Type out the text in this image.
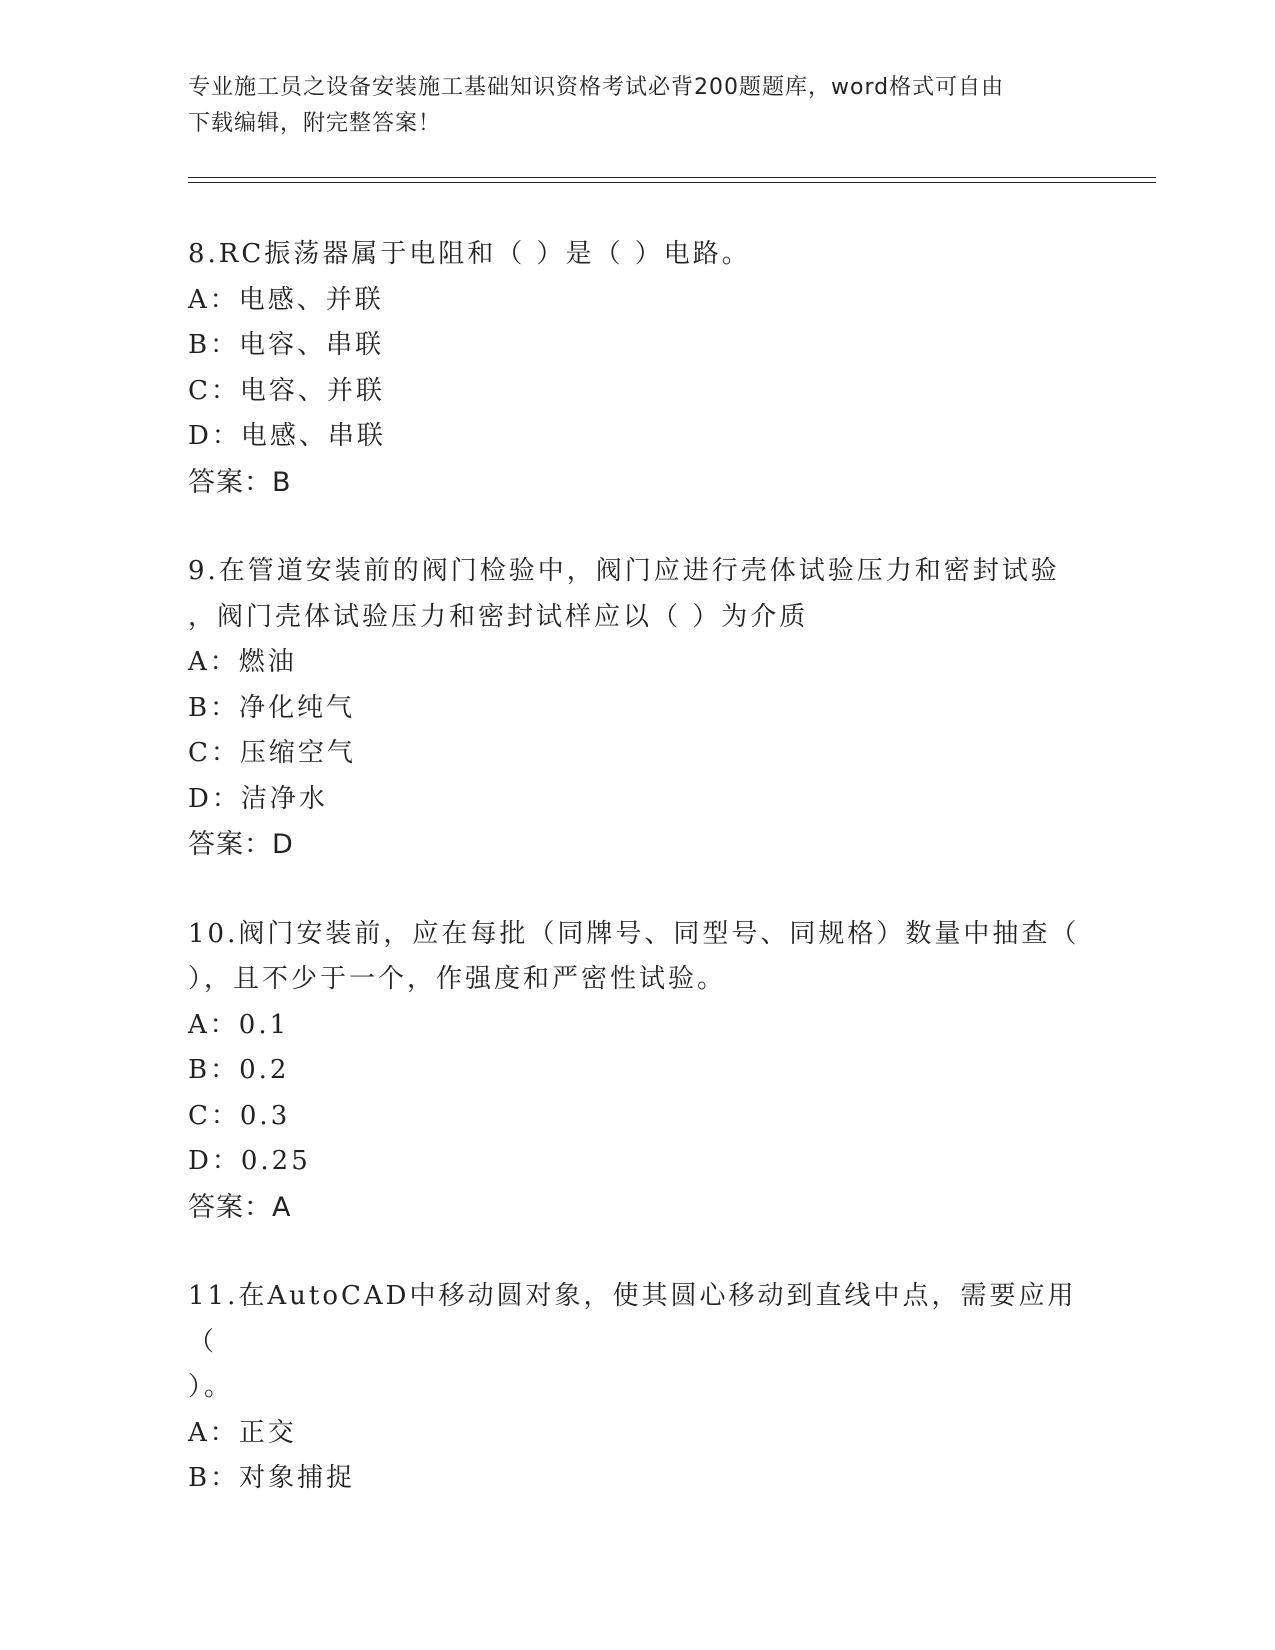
专业施工员之设备安装施工基础知识资格考试必背200题题库，word格式可自由
下载编辑，附完整答案！
8.RC振荡器属于电阻和（ ）是（ ）电路。
A：电感、并联
B：电容、串联
C：电容、并联
D：电感、串联
答案：B
9.在管道安装前的阀门检验中，阀门应进行壳体试验压力和密封试验
，阀门壳体试验压力和密封试样应以（ ）为介质
A：燃油
B：净化纯气
C：压缩空气
D：洁净水
答案：D
10.阀门安装前，应在每批（同牌号、同型号、同规格）数量中抽查（
），且不少于一个，作强度和严密性试验。
A：0.1
B：0.2
C：0.3
D：0.25
答案：A
11.在AutoCAD中移动圆对象，使其圆心移动到直线中点，需要应用（
）。
A：正交
B：对象捕捉
